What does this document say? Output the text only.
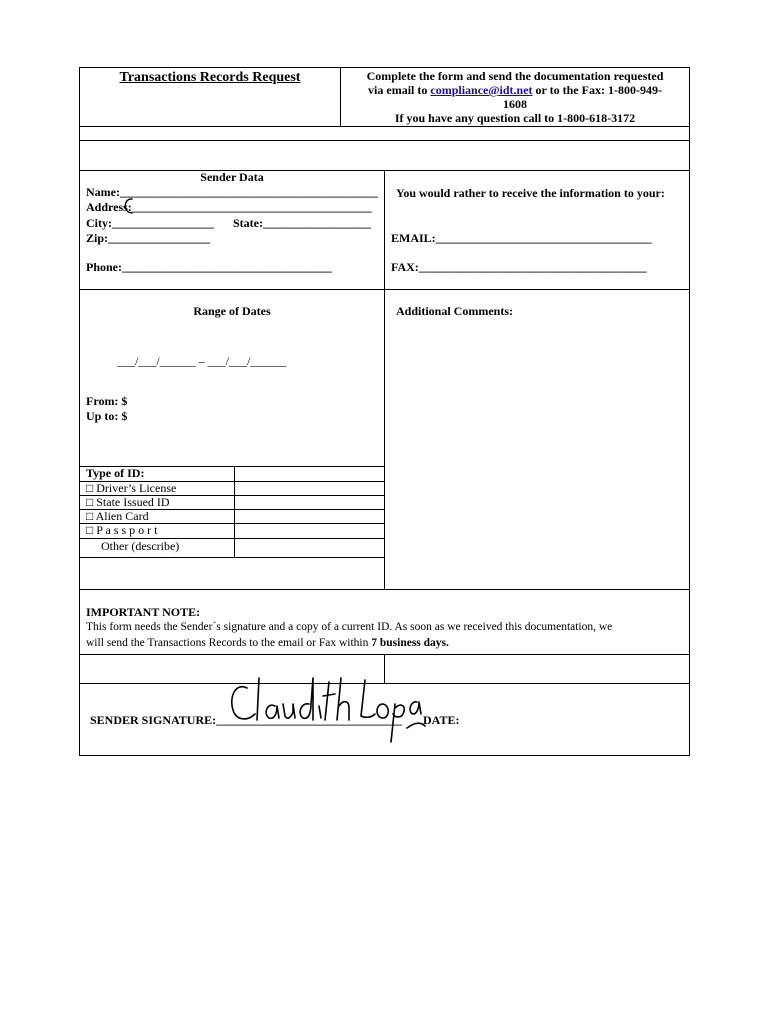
Transactions Records Request	Complete the form and send the documentation requested
via email to compliance@idt.net or to the Fax: 1-800-949-
1608
If you have any question call to 1-800-618-3172
Sender Data
Name:___________________________________________
Address:________________________________________
City:_________________ State:__________________
Zip:_________________
Phone:___________________________________
You would rather to receive the information to your:
EMAIL:____________________________________
FAX:______________________________________
Range of Dates
___/___/______ – ___/___/______
From: $
Up to: $
Additional Comments:
Type of ID:
□ Driver’s License
□ State Issued ID
□ Alien Card
□ P a s s p o r t
Other (describe)
IMPORTANT NOTE:
This form needs the Sender´s signature and a copy of a current ID. As soon as we received this documentation, we
will send the Transactions Records to the email or Fax within 7 business days.
SENDER SIGNATURE:_______________________________ DATE:
